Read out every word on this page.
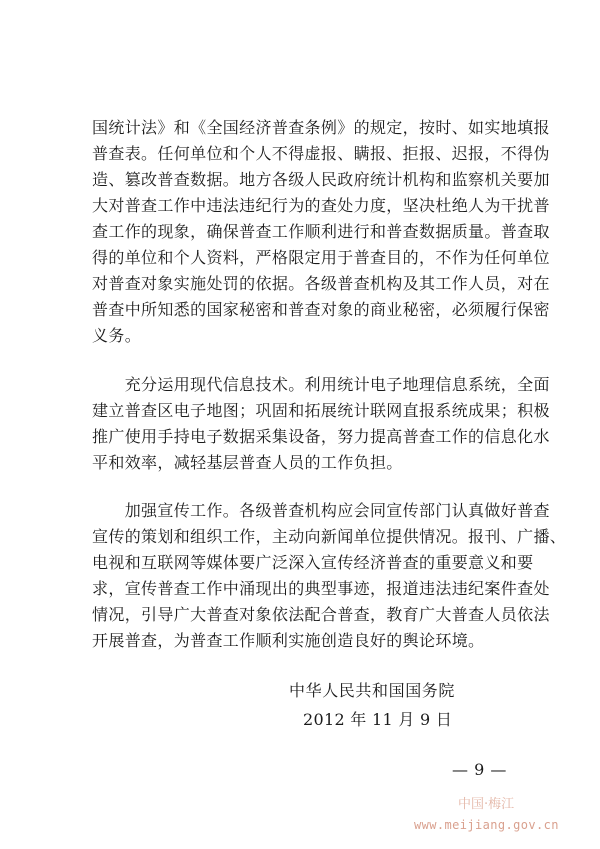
国统计法》和《全国经济普查条例》的规定，按时、如实地填报
普查表。任何单位和个人不得虚报、瞒报、拒报、迟报，不得伪
造、篡改普查数据。地方各级人民政府统计机构和监察机关要加
大对普查工作中违法违纪行为的查处力度，坚决杜绝人为干扰普
查工作的现象，确保普查工作顺利进行和普查数据质量。普查取
得的单位和个人资料，严格限定用于普查目的，不作为任何单位
对普查对象实施处罚的依据。各级普查机构及其工作人员，对在
普查中所知悉的国家秘密和普查对象的商业秘密，必须履行保密
义务。
　　充分运用现代信息技术。利用统计电子地理信息系统，全面
建立普查区电子地图；巩固和拓展统计联网直报系统成果；积极
推广使用手持电子数据采集设备，努力提高普查工作的信息化水
平和效率，减轻基层普查人员的工作负担。
　　加强宣传工作。各级普查机构应会同宣传部门认真做好普查
宣传的策划和组织工作，主动向新闻单位提供情况。报刊、广播、
电视和互联网等媒体要广泛深入宣传经济普查的重要意义和要
求，宣传普查工作中涌现出的典型事迹，报道违法违纪案件查处
情况，引导广大普查对象依法配合普查，教育广大普查人员依法
开展普查，为普查工作顺利实施创造良好的舆论环境。
中华人民共和国国务院
2012 年 11 月 9 日
— 9 —
中国·梅江
www.meijiang.gov.cn
